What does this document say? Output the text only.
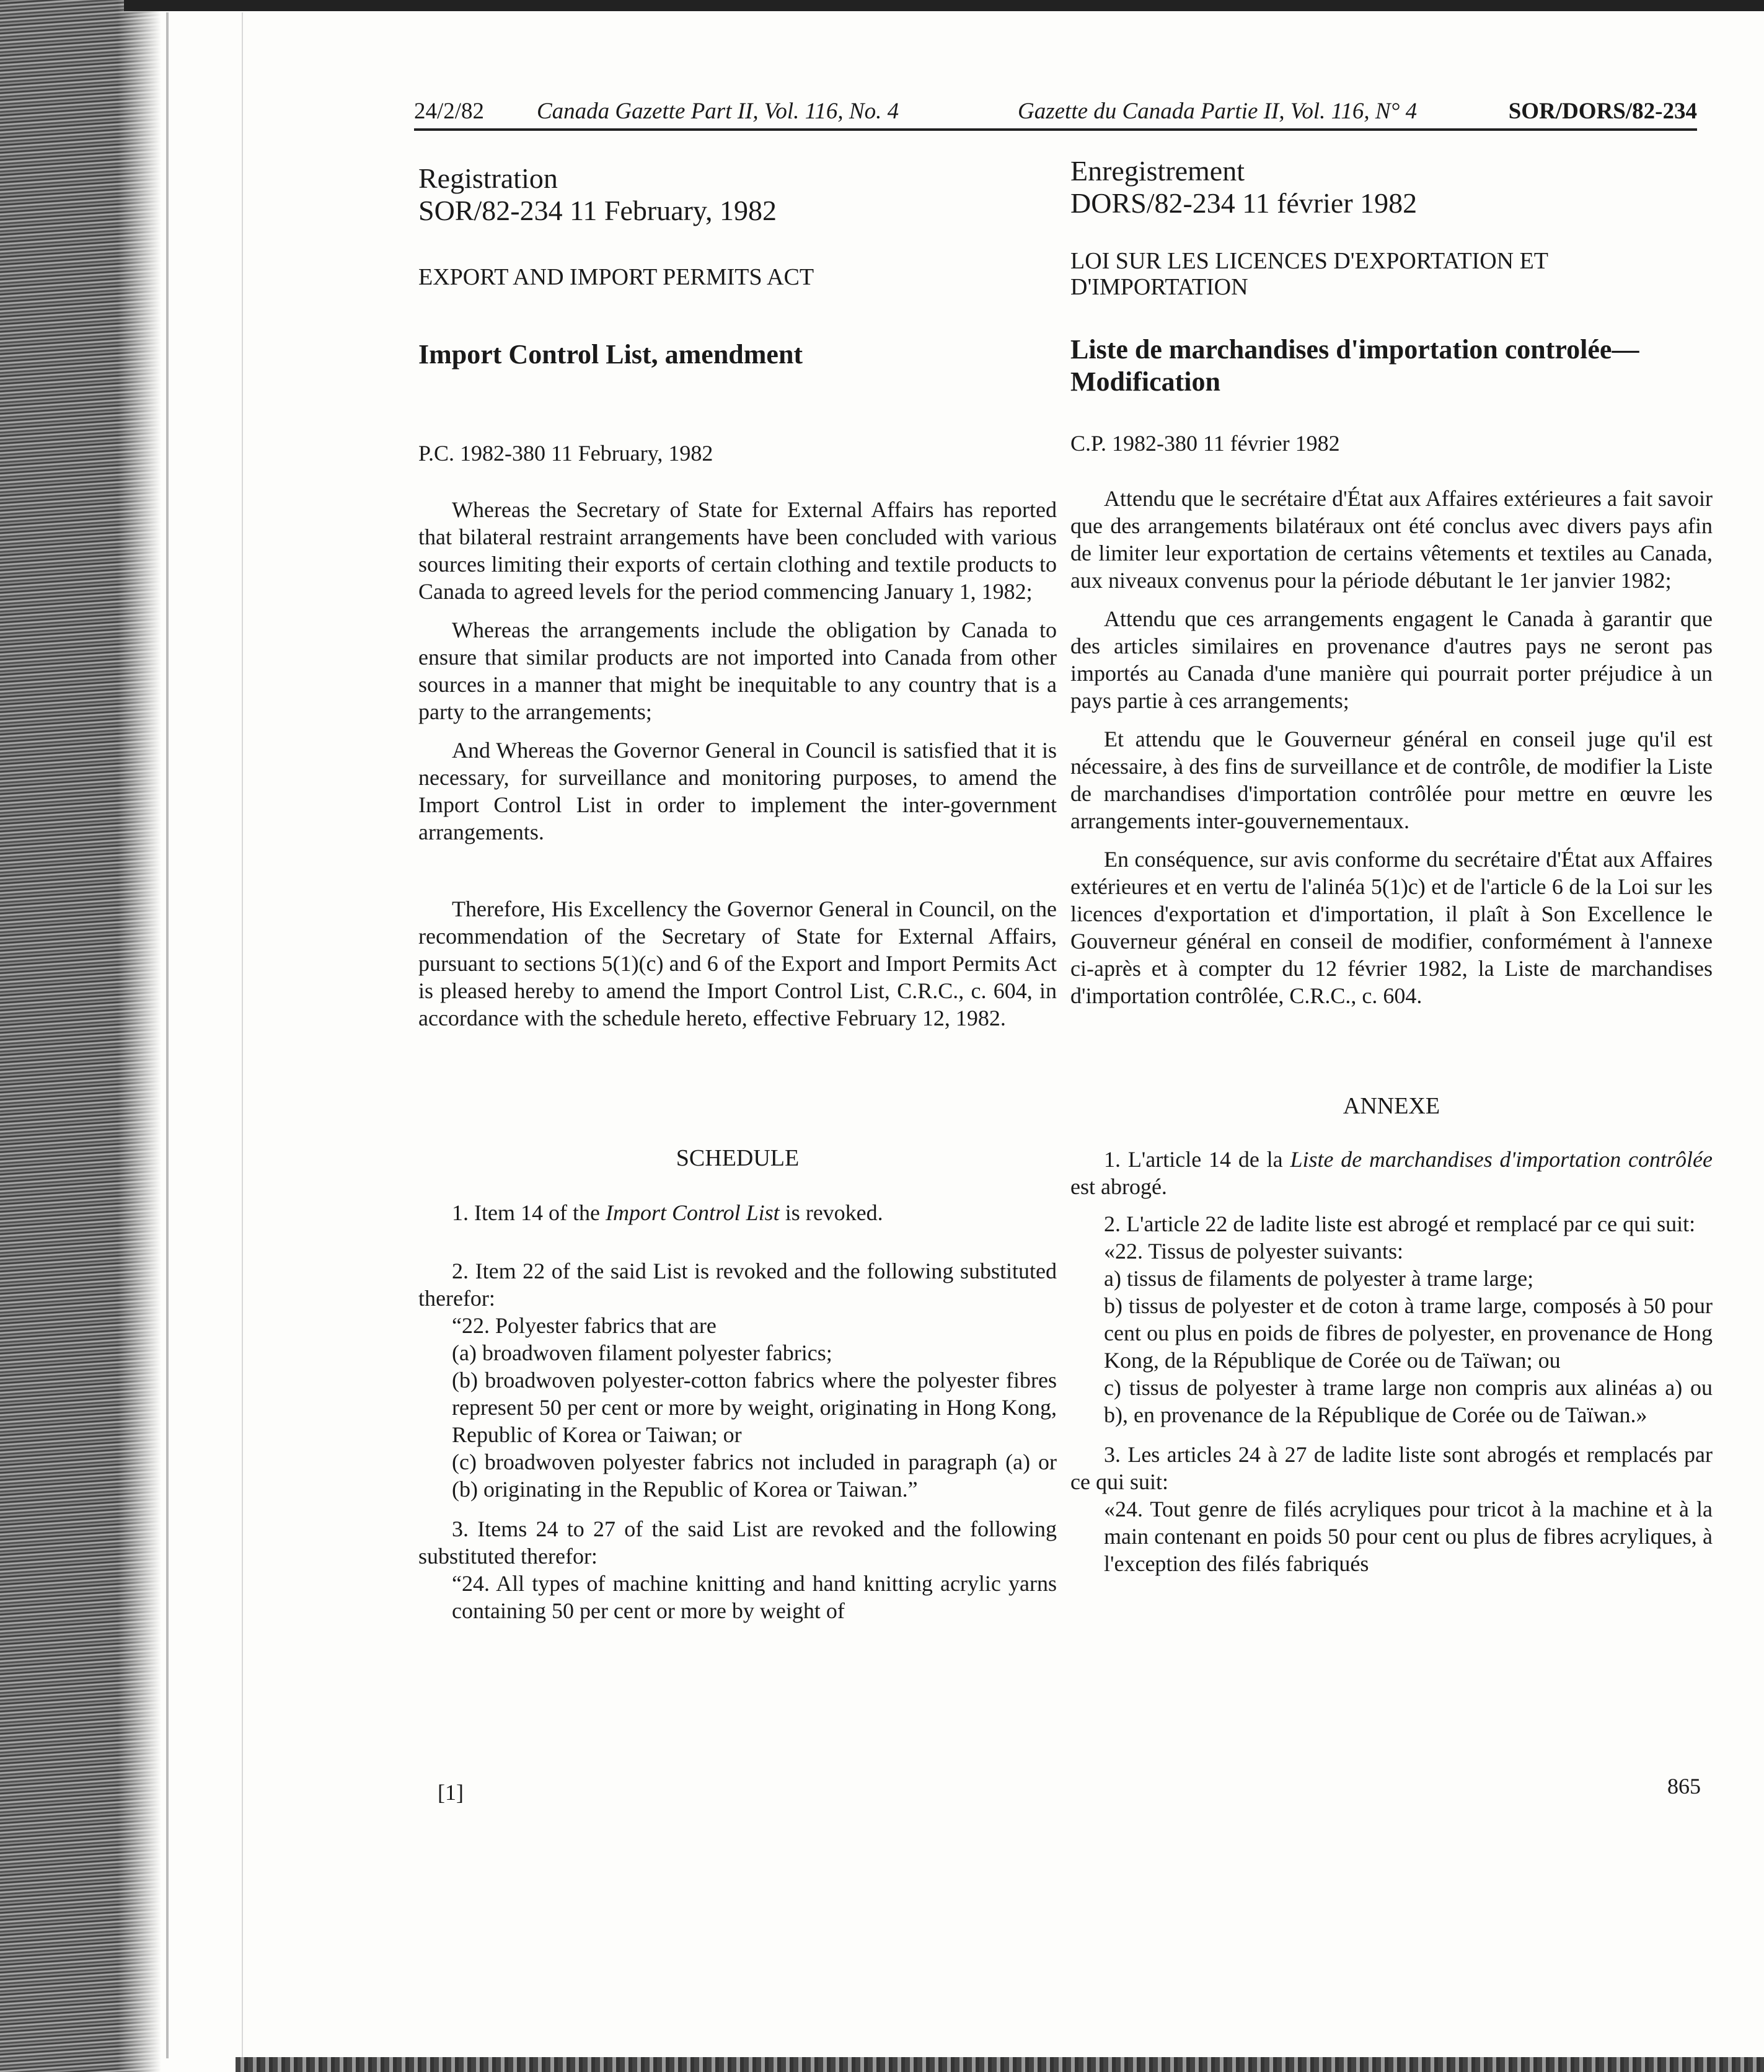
24/2/82 Canada Gazette Part II, Vol. 116, No. 4	Gazette du Canada Partie II, Vol. 116, N° 4	SOR/DORS/82-234

Registration

SOR/82-234 11 February, 1982

EXPORT AND IMPORT PERMITS ACT

Import Control List, amendment

P.C. 1982-380 11 February, 1982

Whereas the Secretary of State for External Affairs has reported that bilateral restraint arrangements have been concluded with various sources limiting their exports of certain clothing and textile products to Canada to agreed levels for the period commencing January 1, 1982;

Whereas the arrangements include the obligation by Canada to ensure that similar products are not imported into Canada from other sources in a manner that might be inequitable to any country that is a party to the arrangements;

And Whereas the Governor General in Council is satisfied that it is necessary, for surveillance and monitoring purposes, to amend the Import Control List in order to implement the inter-government arrangements.

Therefore, His Excellency the Governor General in Council, on the recommendation of the Secretary of State for External Affairs, pursuant to sections 5(1)(c) and 6 of the Export and Import Permits Act is pleased hereby to amend the Import Control List, C.R.C., c. 604, in accordance with the schedule hereto, effective February 12, 1982.

SCHEDULE

1. Item 14 of the Import Control List is revoked.

2. Item 22 of the said List is revoked and the following substituted therefor:

“22. Polyester fabrics that are

(a) broadwoven filament polyester fabrics;

(b) broadwoven polyester-cotton fabrics where the polyester fibres represent 50 per cent or more by weight, originating in Hong Kong, Republic of Korea or Taiwan; or

(c) broadwoven polyester fabrics not included in paragraph (a) or (b) originating in the Republic of Korea or Taiwan.”

3. Items 24 to 27 of the said List are revoked and the following substituted therefor:

“24. All types of machine knitting and hand knitting acrylic yarns containing 50 per cent or more by weight of

Enregistrement

DORS/82-234 11 février 1982

LOI SUR LES LICENCES D'EXPORTATION ET D'IMPORTATION

Liste de marchandises d'importation controlée—Modification

C.P. 1982-380 11 février 1982

Attendu que le secrétaire d'État aux Affaires extérieures a fait savoir que des arrangements bilatéraux ont été conclus avec divers pays afin de limiter leur exportation de certains vêtements et textiles au Canada, aux niveaux convenus pour la période débutant le 1er janvier 1982;

Attendu que ces arrangements engagent le Canada à garantir que des articles similaires en provenance d'autres pays ne seront pas importés au Canada d'une manière qui pourrait porter préjudice à un pays partie à ces arrangements;

Et attendu que le Gouverneur général en conseil juge qu'il est nécessaire, à des fins de surveillance et de contrôle, de modifier la Liste de marchandises d'importation contrôlée pour mettre en œuvre les arrangements inter-gouvernementaux.

En conséquence, sur avis conforme du secrétaire d'État aux Affaires extérieures et en vertu de l'alinéa 5(1)c) et de l'article 6 de la Loi sur les licences d'exportation et d'importation, il plaît à Son Excellence le Gouverneur général en conseil de modifier, conformément à l'annexe ci-après et à compter du 12 février 1982, la Liste de marchandises d'importation contrôlée, C.R.C., c. 604.

ANNEXE

1. L'article 14 de la Liste de marchandises d'importation contrôlée est abrogé.

2. L'article 22 de ladite liste est abrogé et remplacé par ce qui suit:

«22. Tissus de polyester suivants:

a) tissus de filaments de polyester à trame large;

b) tissus de polyester et de coton à trame large, composés à 50 pour cent ou plus en poids de fibres de polyester, en provenance de Hong Kong, de la République de Corée ou de Taïwan; ou

c) tissus de polyester à trame large non compris aux alinéas a) ou b), en provenance de la République de Corée ou de Taïwan.»

3. Les articles 24 à 27 de ladite liste sont abrogés et remplacés par ce qui suit:

«24. Tout genre de filés acryliques pour tricot à la machine et à la main contenant en poids 50 pour cent ou plus de fibres acryliques, à l'exception des filés fabriqués

[1]	865
